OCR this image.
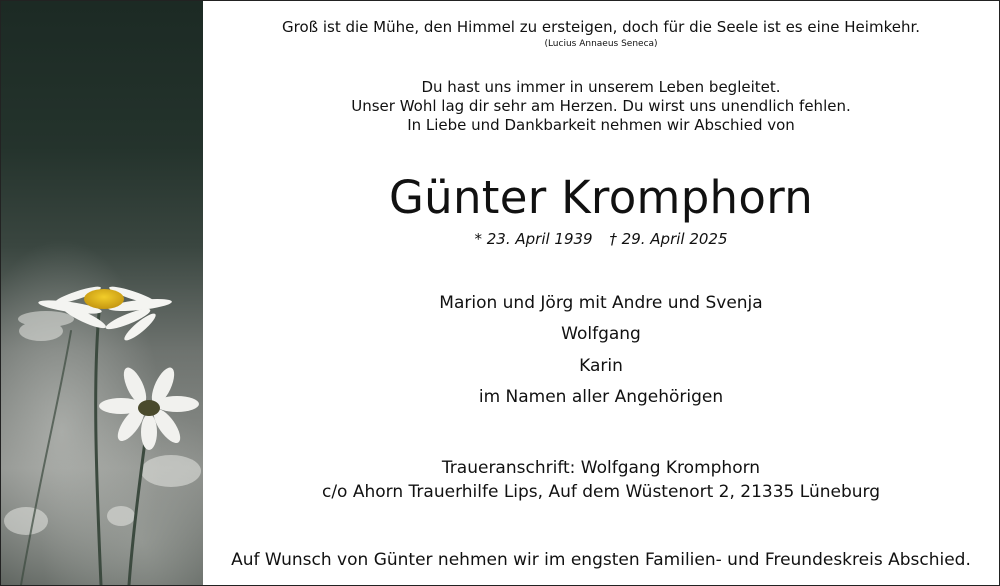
Groß ist die Mühe, den Himmel zu ersteigen, doch für die Seele ist es eine Heimkehr.
(Lucius Annaeus Seneca)
Du hast uns immer in unserem Leben begleitet.
Unser Wohl lag dir sehr am Herzen. Du wirst uns unendlich fehlen.
In Liebe und Dankbarkeit nehmen wir Abschied von
Günter Kromphorn
* 23. April 1939 † 29. April 2025
Marion und Jörg mit Andre und Svenja
Wolfgang
Karin
im Namen aller Angehörigen
Traueranschrift: Wolfgang Kromphorn
c/o Ahorn Trauerhilfe Lips, Auf dem Wüstenort 2, 21335 Lüneburg
Auf Wunsch von Günter nehmen wir im engsten Familien- und Freundeskreis Abschied.
